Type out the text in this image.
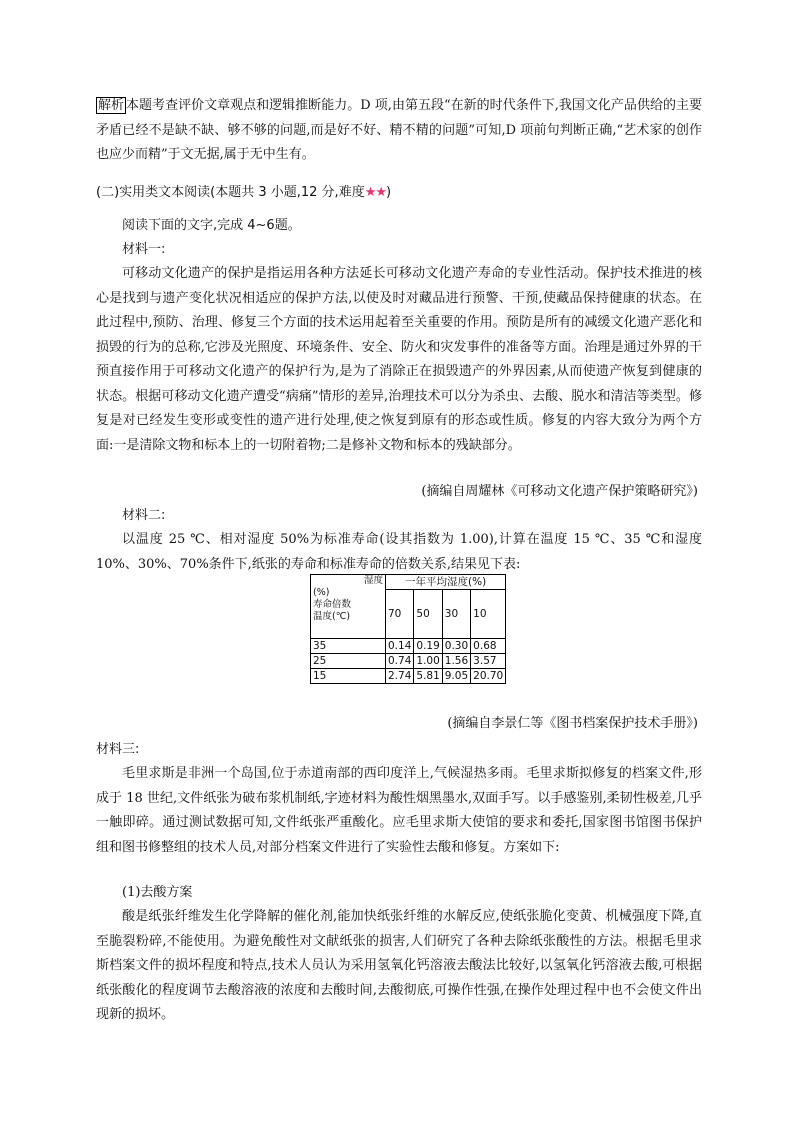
解析 本题考查评价文章观点和逻辑推断能力。D 项,由第五段“在新的时代条件下,我国文化产品供给的主要矛盾已经不是缺不缺、够不够的问题,而是好不好、精不精的问题”可知,D 项前句判断正确,“艺术家的创作也应少而精”于文无据,属于无中生有。

(二)实用类文本阅读(本题共 3 小题,12 分,难度★★)

阅读下面的文字,完成 4~6题。

材料一:

可移动文化遗产的保护是指运用各种方法延长可移动文化遗产寿命的专业性活动。保护技术推进的核心是找到与遗产变化状况相适应的保护方法,以使及时对藏品进行预警、干预,使藏品保持健康的状态。在此过程中,预防、治理、修复三个方面的技术运用起着至关重要的作用。预防是所有的减缓文化遗产恶化和损毁的行为的总称,它涉及光照度、环境条件、安全、防火和灾发事件的准备等方面。治理是通过外界的干预直接作用于可移动文化遗产的保护行为,是为了消除正在损毁遗产的外界因素,从而使遗产恢复到健康的状态。根据可移动文化遗产遭受“病痛”情形的差异,治理技术可以分为杀虫、去酸、脱水和清洁等类型。修复是对已经发生变形或变性的遗产进行处理,使之恢复到原有的形态或性质。修复的内容大致分为两个方面:一是清除文物和标本上的一切附着物;二是修补文物和标本的残缺部分。

(摘编自周耀林《可移动文化遗产保护策略研究》)

材料二:

以温度 25 ℃、相对湿度 50%为标准寿命(设其指数为 1.00),计算在温度 15 ℃、35 ℃和湿度10%、30%、70%条件下,纸张的寿命和标准寿命的倍数关系,结果见下表:

湿度
(%)
寿命倍数
温度(℃)	一年平均湿度(%)			
	70	50	30	10
35	0.14	0.19	0.30	0.68
25	0.74	1.00	1.56	3.57
15	2.74	5.81	9.05	20.70

(摘编自李景仁等《图书档案保护技术手册》)

材料三:

毛里求斯是非洲一个岛国,位于赤道南部的西印度洋上,气候湿热多雨。毛里求斯拟修复的档案文件,形成于 18 世纪,文件纸张为破布浆机制纸,字迹材料为酸性烟黑墨水,双面手写。以手感鉴别,柔韧性极差,几乎一触即碎。通过测试数据可知,文件纸张严重酸化。应毛里求斯大使馆的要求和委托,国家图书馆图书保护组和图书修整组的技术人员,对部分档案文件进行了实验性去酸和修复。方案如下:

(1)去酸方案

酸是纸张纤维发生化学降解的催化剂,能加快纸张纤维的水解反应,使纸张脆化变黄、机械强度下降,直至脆裂粉碎,不能使用。为避免酸性对文献纸张的损害,人们研究了各种去除纸张酸性的方法。根据毛里求斯档案文件的损坏程度和特点,技术人员认为采用氢氧化钙溶液去酸法比较好,以氢氧化钙溶液去酸,可根据纸张酸化的程度调节去酸溶液的浓度和去酸时间,去酸彻底,可操作性强,在操作处理过程中也不会使文件出现新的损坏。
